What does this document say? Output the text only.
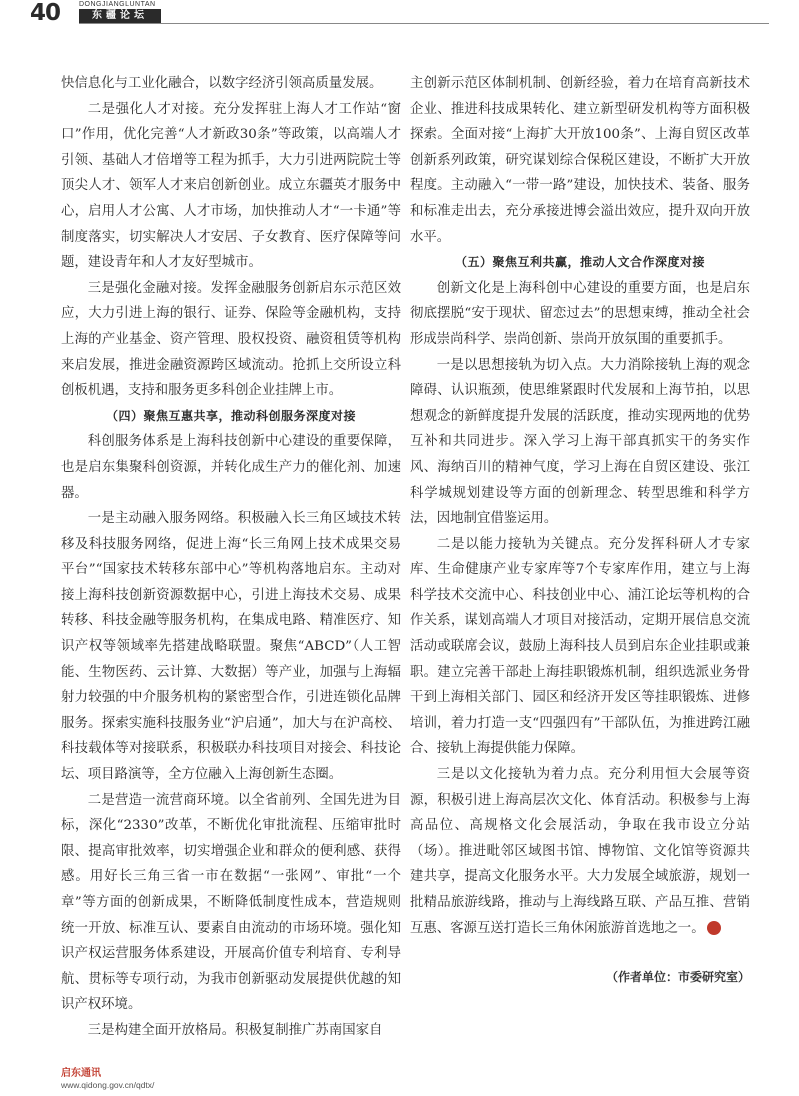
40	DONGJIANGLUNTAN
东疆论坛

快信息化与工业化融合，以数字经济引领高质量发展。

二是强化人才对接。充分发挥驻上海人才工作站“窗口”作用，优化完善“人才新政30条”等政策，以高端人才引领、基础人才倍增等工程为抓手，大力引进两院院士等顶尖人才、领军人才来启创新创业。成立东疆英才服务中心，启用人才公寓、人才市场，加快推动人才“一卡通”等制度落实，切实解决人才安居、子女教育、医疗保障等问题，建设青年和人才友好型城市。

三是强化金融对接。发挥金融服务创新启东示范区效应，大力引进上海的银行、证券、保险等金融机构，支持上海的产业基金、资产管理、股权投资、融资租赁等机构来启发展，推进金融资源跨区域流动。抢抓上交所设立科创板机遇，支持和服务更多科创企业挂牌上市。

（四）聚焦互惠共享，推动科创服务深度对接

科创服务体系是上海科技创新中心建设的重要保障，也是启东集聚科创资源，并转化成生产力的催化剂、加速器。

一是主动融入服务网络。积极融入长三角区域技术转移及科技服务网络，促进上海“长三角网上技术成果交易平台”“国家技术转移东部中心”等机构落地启东。主动对接上海科技创新资源数据中心，引进上海技术交易、成果转移、科技金融等服务机构，在集成电路、精准医疗、知识产权等领域率先搭建战略联盟。聚焦“ABCD”（人工智能、生物医药、云计算、大数据）等产业，加强与上海辐射力较强的中介服务机构的紧密型合作，引进连锁化品牌服务。探索实施科技服务业“沪启通”，加大与在沪高校、科技载体等对接联系，积极联办科技项目对接会、科技论坛、项目路演等，全方位融入上海创新生态圈。

二是营造一流营商环境。以全省前列、全国先进为目标，深化“2330”改革，不断优化审批流程、压缩审批时限、提高审批效率，切实增强企业和群众的便利感、获得感。用好长三角三省一市在数据“一张网”、审批“一个章”等方面的创新成果，不断降低制度性成本，营造规则统一开放、标准互认、要素自由流动的市场环境。强化知识产权运营服务体系建设，开展高价值专利培育、专利导航、贯标等专项行动，为我市创新驱动发展提供优越的知识产权环境。

三是构建全面开放格局。积极复制推广苏南国家自

主创新示范区体制机制、创新经验，着力在培育高新技术企业、推进科技成果转化、建立新型研发机构等方面积极探索。全面对接“上海扩大开放100条”、上海自贸区改革创新系列政策，研究谋划综合保税区建设，不断扩大开放程度。主动融入“一带一路”建设，加快技术、装备、服务和标准走出去，充分承接进博会溢出效应，提升双向开放水平。

（五）聚焦互利共赢，推动人文合作深度对接

创新文化是上海科创中心建设的重要方面，也是启东彻底摆脱“安于现状、留恋过去”的思想束缚，推动全社会形成崇尚科学、崇尚创新、崇尚开放氛围的重要抓手。

一是以思想接轨为切入点。大力消除接轨上海的观念障碍、认识瓶颈，使思维紧跟时代发展和上海节拍，以思想观念的新鲜度提升发展的活跃度，推动实现两地的优势互补和共同进步。深入学习上海干部真抓实干的务实作风、海纳百川的精神气度，学习上海在自贸区建设、张江科学城规划建设等方面的创新理念、转型思维和科学方法，因地制宜借鉴运用。

二是以能力接轨为关键点。充分发挥科研人才专家库、生命健康产业专家库等7个专家库作用，建立与上海科学技术交流中心、科技创业中心、浦江论坛等机构的合作关系，谋划高端人才项目对接活动，定期开展信息交流活动或联席会议，鼓励上海科技人员到启东企业挂职或兼职。建立完善干部赴上海挂职锻炼机制，组织选派业务骨干到上海相关部门、园区和经济开发区等挂职锻炼、进修培训，着力打造一支“四强四有”干部队伍，为推进跨江融合、接轨上海提供能力保障。

三是以文化接轨为着力点。充分利用恒大会展等资源，积极引进上海高层次文化、体育活动。积极参与上海高品位、高规格文化会展活动，争取在我市设立分站（场）。推进毗邻区域图书馆、博物馆、文化馆等资源共建共享，提高文化服务水平。大力发展全域旅游，规划一批精品旅游线路，推动与上海线路互联、产品互推、营销互惠、客源互送打造长三角休闲旅游首选地之一。	启

（作者单位：市委研究室）
启东通讯
www.qidong.gov.cn/qdtx/
